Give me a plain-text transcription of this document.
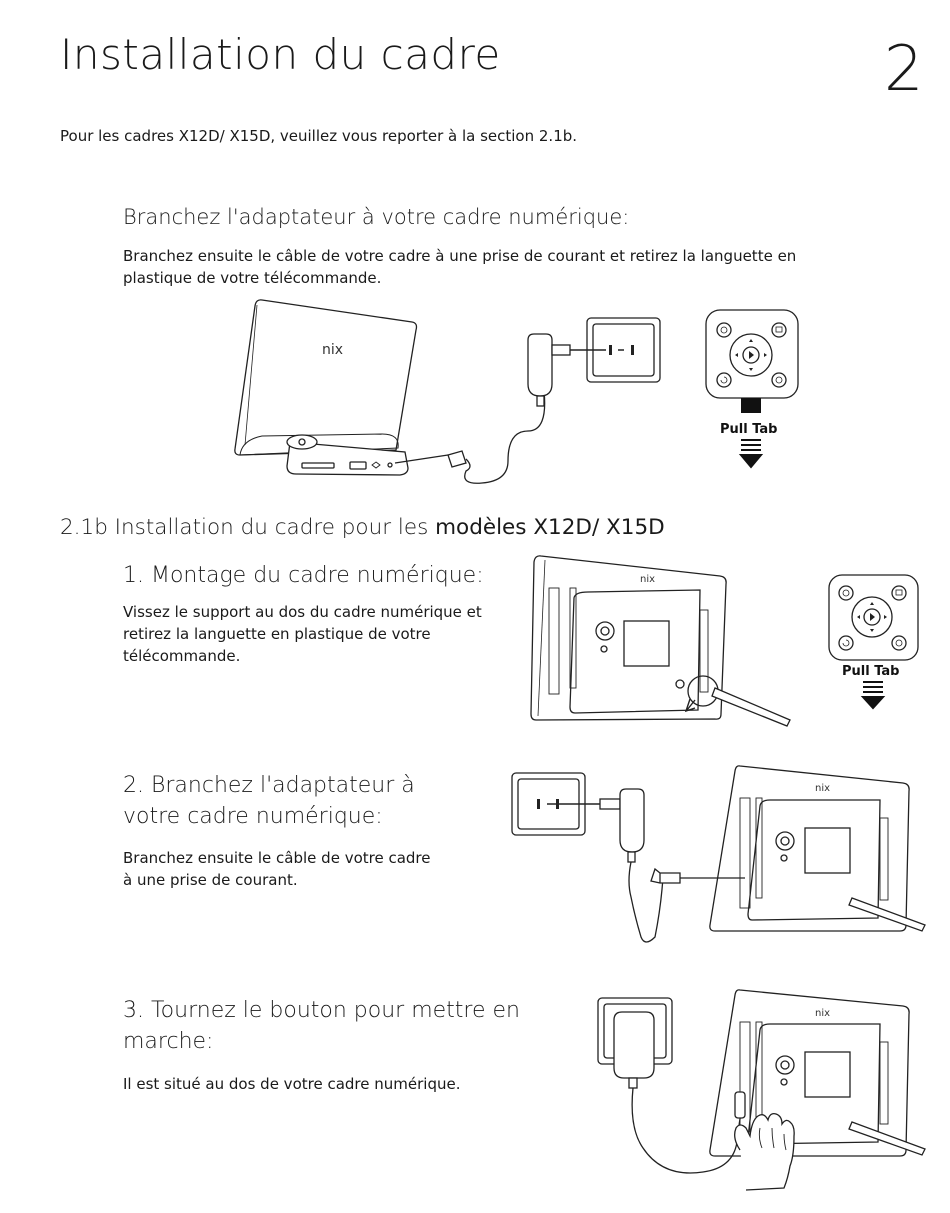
Installation du cadre	2
Pour les cadres X12D/ X15D, veuillez vous reporter à la section 2.1b.
Branchez l'adaptateur à votre cadre numérique:
Branchez ensuite le câble de votre cadre à une prise de courant et retirez la languette en plastique de votre télécommande.
2.1b Installation du cadre pour les modèles X12D/ X15D
1. Montage du cadre numérique:
Vissez le support au dos du cadre numérique et retirez la languette en plastique de votre télécommande.
2. Branchez l'adaptateur à votre cadre numérique:
Branchez ensuite le câble de votre cadre à une prise de courant.
3. Tournez le bouton pour mettre en marche:
Il est situé au dos de votre cadre numérique.
nix
Pull Tab
nix
Pull Tab
nix
nix
